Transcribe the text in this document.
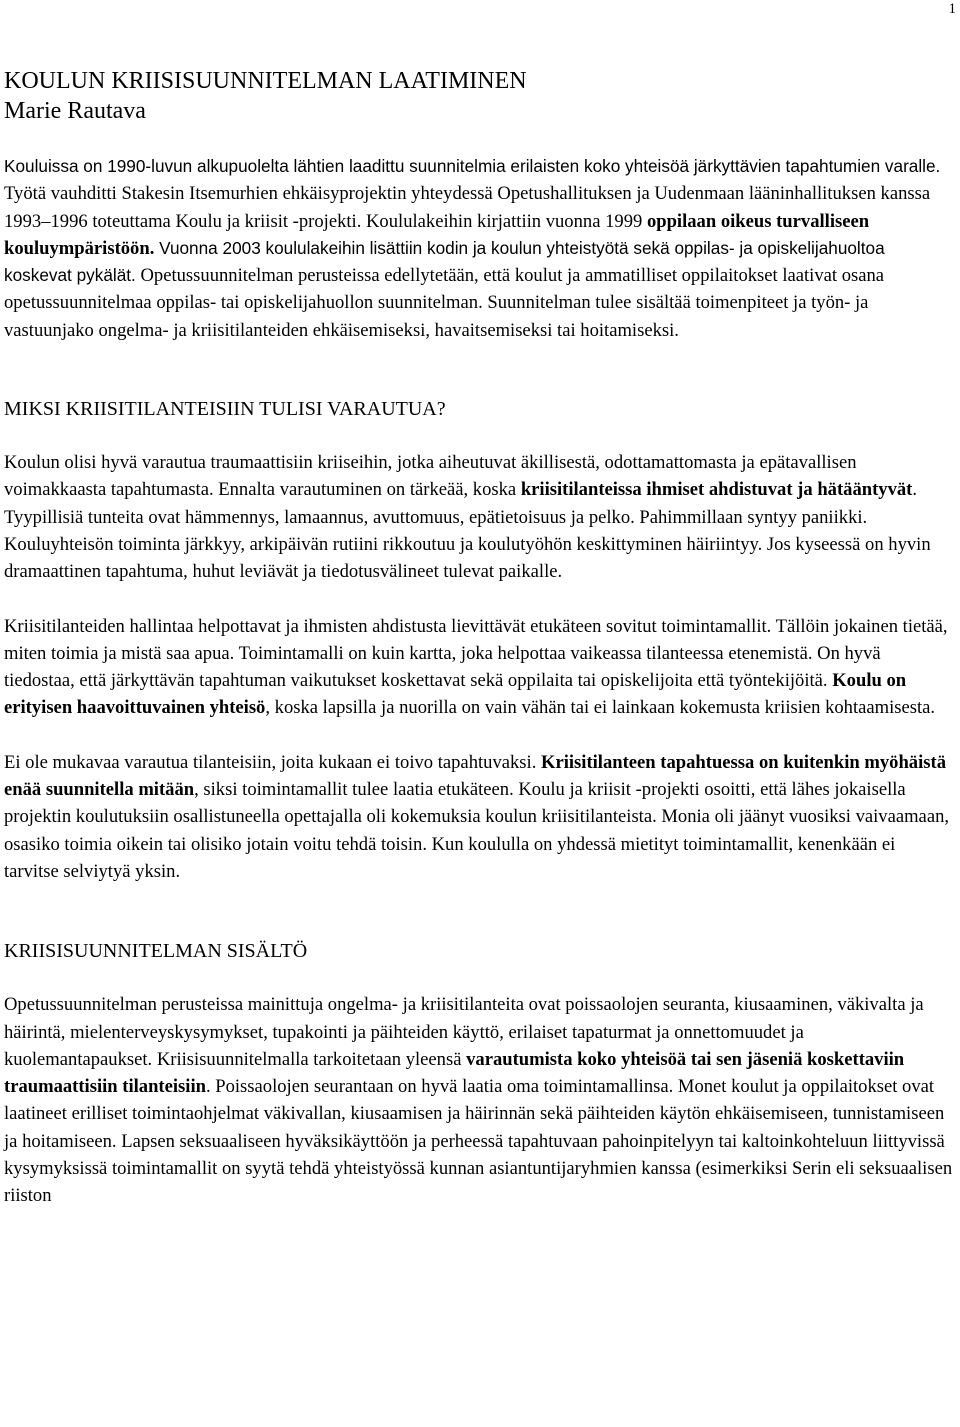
1
KOULUN KRIISISUUNNITELMAN LAATIMINEN
Marie Rautava

Kouluissa on 1990-luvun alkupuolelta lähtien laadittu suunnitelmia erilaisten koko yhteisöä järkyttävien tapahtumien varalle. Työtä vauhditti Stakesin Itsemurhien ehkäisyprojektin yhteydessä Opetushallituksen ja Uudenmaan lääninhallituksen kanssa 1993–1996 toteuttama Koulu ja kriisit -projekti. Koululakeihin kirjattiin vuonna 1999 oppilaan oikeus turvalliseen kouluympäristöön. Vuonna 2003 koululakeihin lisättiin kodin ja koulun yhteistyötä sekä oppilas- ja opiskelijahuoltoa koskevat pykälät. Opetussuunnitelman perusteissa edellytetään, että koulut ja ammatilliset oppilaitokset laativat osana opetussuunnitelmaa oppilas- tai opiskelijahuollon suunnitelman. Suunnitelman tulee sisältää toimenpiteet ja työn- ja vastuunjako ongelma- ja kriisitilanteiden ehkäisemiseksi, havaitsemiseksi tai hoitamiseksi.

MIKSI KRIISITILANTEISIIN TULISI VARAUTUA?

Koulun olisi hyvä varautua traumaattisiin kriiseihin, jotka aiheutuvat äkillisestä, odottamattomasta ja epätavallisen voimakkaasta tapahtumasta. Ennalta varautuminen on tärkeää, koska kriisitilanteissa ihmiset ahdistuvat ja hätääntyvät. Tyypillisiä tunteita ovat hämmennys, lamaannus, avuttomuus, epätietoisuus ja pelko. Pahimmillaan syntyy paniikki. Kouluyhteisön toiminta järkkyy, arkipäivän rutiini rikkoutuu ja koulutyöhön keskittyminen häiriintyy. Jos kyseessä on hyvin dramaattinen tapahtuma, huhut leviävät ja tiedotusvälineet tulevat paikalle.

Kriisitilanteiden hallintaa helpottavat ja ihmisten ahdistusta lievittävät etukäteen sovitut toimintamallit. Tällöin jokainen tietää, miten toimia ja mistä saa apua. Toimintamalli on kuin kartta, joka helpottaa vaikeassa tilanteessa etenemistä. On hyvä tiedostaa, että järkyttävän tapahtuman vaikutukset koskettavat sekä oppilaita tai opiskelijoita että työntekijöitä. Koulu on erityisen haavoittuvainen yhteisö, koska lapsilla ja nuorilla on vain vähän tai ei lainkaan kokemusta kriisien kohtaamisesta.

Ei ole mukavaa varautua tilanteisiin, joita kukaan ei toivo tapahtuvaksi. Kriisitilanteen tapahtuessa on kuitenkin myöhäistä enää suunnitella mitään, siksi toimintamallit tulee laatia etukäteen. Koulu ja kriisit -projekti osoitti, että lähes jokaisella projektin koulutuksiin osallistuneella opettajalla oli kokemuksia koulun kriisitilanteista. Monia oli jäänyt vuosiksi vaivaamaan, osasiko toimia oikein tai olisiko jotain voitu tehdä toisin. Kun koululla on yhdessä mietityt toimintamallit, kenenkään ei tarvitse selviytyä yksin.

KRIISISUUNNITELMAN SISÄLTÖ

Opetussuunnitelman perusteissa mainittuja ongelma- ja kriisitilanteita ovat poissaolojen seuranta, kiusaaminen, väkivalta ja häirintä, mielenterveyskysymykset, tupakointi ja päihteiden käyttö, erilaiset tapaturmat ja onnettomuudet ja kuolemantapaukset. Kriisisuunnitelmalla tarkoitetaan yleensä varautumista koko yhteisöä tai sen jäseniä koskettaviin traumaattisiin tilanteisiin. Poissaolojen seurantaan on hyvä laatia oma toimintamallinsa. Monet koulut ja oppilaitokset ovat laatineet erilliset toimintaohjelmat väkivallan, kiusaamisen ja häirinnän sekä päihteiden käytön ehkäisemiseen, tunnistamiseen ja hoitamiseen. Lapsen seksuaaliseen hyväksikäyttöön ja perheessä tapahtuvaan pahoinpitelyyn tai kaltoinkohteluun liittyvissä kysymyksissä toimintamallit on syytä tehdä yhteistyössä kunnan asiantuntijaryhmien kanssa (esimerkiksi Serin eli seksuaalisen riiston
